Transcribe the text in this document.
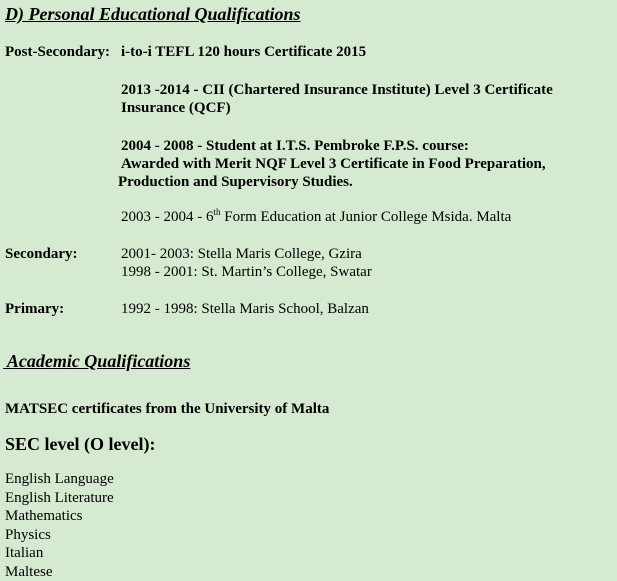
D) Personal Educational Qualifications
Post-Secondary: i-to-i TEFL 120 hours Certificate 2015
2013 -2014 - CII (Chartered Insurance Institute) Level 3 Certificate
Insurance (QCF)
2004 - 2008 - Student at I.T.S. Pembroke F.P.S. course:
Awarded with Merit NQF Level 3 Certificate in Food Preparation,
Production and Supervisory Studies.
2003 - 2004 - 6th Form Education at Junior College Msida. Malta
Secondary:	2001- 2003: Stella Maris College, Gzira
1998 - 2001: St. Martin’s College, Swatar
Primary:	1992 - 1998: Stella Maris School, Balzan
Academic Qualifications
MATSEC certificates from the University of Malta
SEC level (O level):
English Language
English Literature
Mathematics
Physics
Italian
Maltese
